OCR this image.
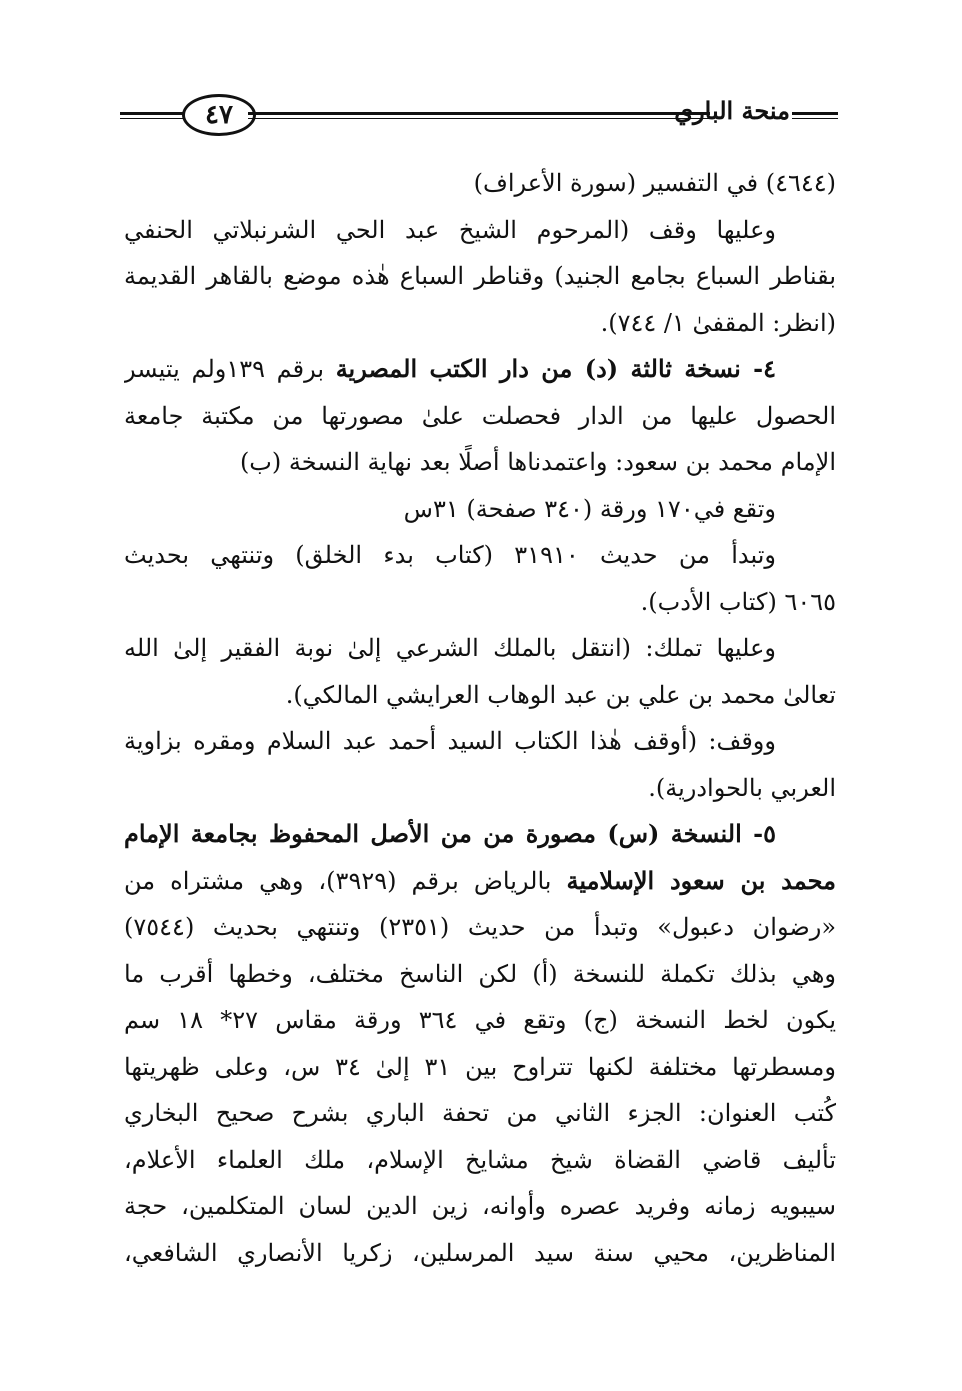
٤٧	منحة الباري
(٤٦٤٤) في التفسير (سورة الأعراف)
وعليها وقف (المرحوم الشيخ عبد الحي الشرنبلاتي الحنفي
بقناطر السباع بجامع الجنيد) وقناطر السباع هٰذه موضع بالقاهر القديمة
(انظر: المقفىٰ ١/ ٧٤٤).
٤- نسخة ثالثة (د) من دار الكتب المصرية برقم ١٣٩ولم يتيسر
الحصول عليها من الدار فحصلت علىٰ مصورتها من مكتبة جامعة
الإمام محمد بن سعود: واعتمدناها أصلًا بعد نهاية النسخة (ب)
وتقع في١٧٠ ورقة (٣٤٠ صفحة) ٣١س
وتبدأ من حديث ٣١٩١٠ (كتاب بدء الخلق) وتنتهي بحديث
٦٠٦٥ (كتاب الأدب).
وعليها تملك: (انتقل بالملك الشرعي إلىٰ نوبة الفقير إلىٰ الله
تعالىٰ محمد بن علي بن عبد الوهاب العرايشي المالكي).
ووقف: (أوقف هٰذا الكتاب السيد أحمد عبد السلام ومقره بزاوية
العربي بالحوادرية).
٥- النسخة (س) مصورة من من الأصل المحفوظ بجامعة الإمام
محمد بن سعود الإسلامية بالرياض برقم (٣٩٢٩)، وهي مشتراه من
«رضوان دعبول» وتبدأ من حديث (٢٣٥١) وتنتهي بحديث (٧٥٤٤)
وهي بذلك تكملة للنسخة (أ) لكن الناسخ مختلف، وخطها أقرب ما
يكون لخط النسخة (ج) وتقع في ٣٦٤ ورقة مقاس ٢٧* ١٨ سم
ومسطرتها مختلفة لكنها تتراوح بين ٣١ إلىٰ ٣٤ س، وعلى ظهريتها
كُتب العنوان: الجزء الثاني من تحفة الباري بشرح صحيح البخاري
تأليف قاضي القضاة شيخ مشايخ الإسلام، ملك العلماء الأعلام،
سيبويه زمانه وفريد عصره وأوانه، زين الدين لسان المتكلمين، حجة
المناظرين، محيي سنة سيد المرسلين، زكريا الأنصاري الشافعي،
